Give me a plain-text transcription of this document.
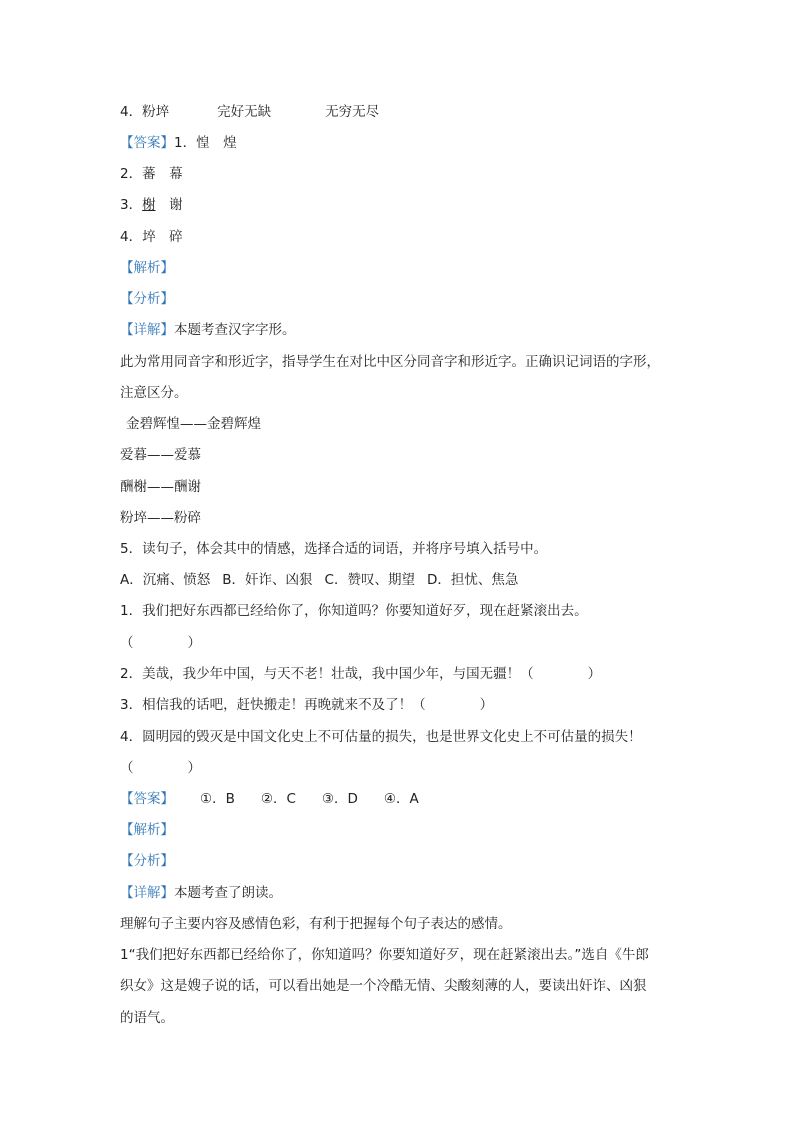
4．粉埣	完好无缺	无穷无尽

【答案】1．惶　煌

2．蕃　幕

3．榭　谢

4．埣　碎

【解析】

【分析】

【详解】本题考查汉字字形。

此为常用同音字和形近字，指导学生在对比中区分同音字和形近字。正确识记词语的字形，

注意区分。

金碧辉惶——金碧辉煌

爱暮——爱慕

酬榭——酬谢

粉埣——粉碎

5．读句子，体会其中的情感，选择合适的词语，并将序号填入括号中。

A．沉痛、愤怒 B．奸诈、凶狠 C．赞叹、期望 D．担忧、焦急

1．我们把好东西都已经给你了，你知道吗？你要知道好歹，现在赶紧滚出去。

（　　　　）

2．美哉，我少年中国，与天不老！壮哉，我中国少年，与国无疆！（　　　　）

3．相信我的话吧，赶快搬走！再晚就来不及了！（　　　　）

4．圆明园的毁灭是中国文化史上不可估量的损失，也是世界文化史上不可估量的损失！

（　　　　）

【答案】 ①．B ②．C ③．D ④．A

【解析】

【分析】

【详解】本题考查了朗读。

理解句子主要内容及感情色彩，有利于把握每个句子表达的感情。

1“我们把好东西都已经给你了，你知道吗？你要知道好歹，现在赶紧滚出去。”选自《牛郎

织女》这是嫂子说的话，可以看出她是一个冷酷无情、尖酸刻薄的人，要读出奸诈、凶狠

的语气。
